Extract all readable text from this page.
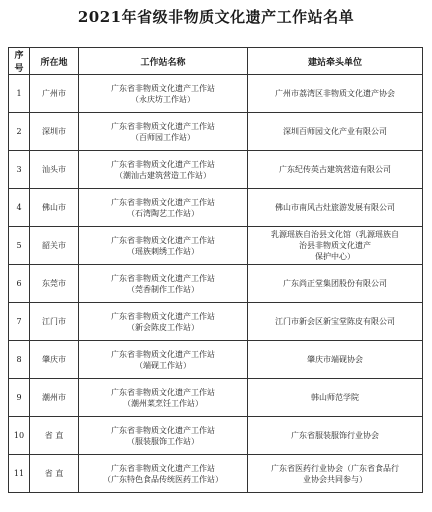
2021年省级非物质文化遗产工作站名单
序号	所在地	工作站名称	建站牵头单位
1	广州市	广东省非物质文化遗产工作站
（永庆坊工作站）	广州市荔湾区非物质文化遗产协会

2	深圳市	广东省非物质文化遗产工作站
（百师园工作站）	深圳百师园文化产业有限公司

3	汕头市	广东省非物质文化遗产工作站
（潮汕古建筑营造工作站）	广东纪传英古建筑营造有限公司

4	佛山市	广东省非物质文化遗产工作站
（石湾陶艺工作站）	佛山市南风古灶旅游发展有限公司

5	韶关市	广东省非物质文化遗产工作站
（瑶族刺绣工作站）	乳源瑶族自治县文化馆（乳源瑶族自
治县非物质文化遗产
保护中心）

6	东莞市	广东省非物质文化遗产工作站
（莞香制作工作站）	广东尚正堂集团股份有限公司

7	江门市	广东省非物质文化遗产工作站
（新会陈皮工作站）	江门市新会区新宝堂陈皮有限公司

8	肇庆市	广东省非物质文化遗产工作站
（端砚工作站）	肇庆市端砚协会

9	潮州市	广东省非物质文化遗产工作站
（潮州菜烹饪工作站）	韩山师范学院

10	省 直	广东省非物质文化遗产工作站
（服装服饰工作站）	广东省服装服饰行业协会

11	省 直	广东省非物质文化遗产工作站
（广东特色食品传统医药工作站）	广东省医药行业协会（广东省食品行
业协会共同参与）
